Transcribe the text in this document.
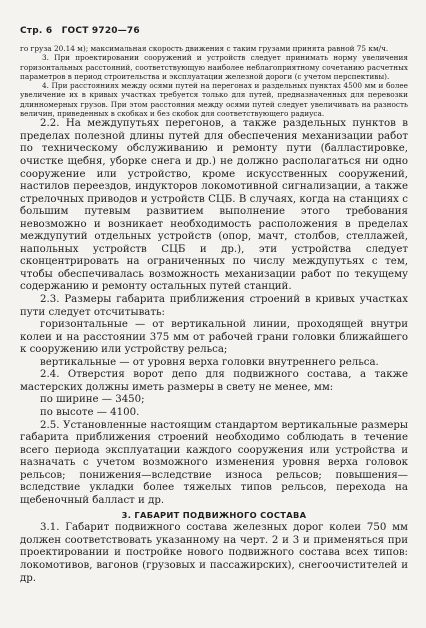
Стр. 6 ГОСТ 9720—76

го груза 20.14 м); максимальная скорость движения с таким грузами принята равной 75 км/ч.

3. При проектировании сооружений и устройств следует принимать норму увеличения горизонтальных расстояний, соответствующую наиболее неблагоприятному сочетанию расчетных параметров в период строительства и эксплуатации железной дороги (с учетом перспективы).

4. При расстояниях между осями путей на перегонах и раздельных пунктах 4500 мм и более увеличение их в кривых участках требуется только для путей, предназначенных для перевозки длинномерных грузов. При этом расстояния между осями путей следует увеличивать на разность величин, приведенных в скобках и без скобок для соответствующего радиуса.

2.2. На междупутьях перегонов, а также раздельных пунктов в пределах полезной длины путей для обеспечения механизации работ по техническому обслуживанию и ремонту пути (балластировке, очистке щебня, уборке снега и др.) не должно располагаться ни одно сооружение или устройство, кроме искусственных сооружений, настилов переездов, индукторов локомотивной сигнализации, а также стрелочных приводов и устройств СЦБ. В случаях, когда на станциях с большим путевым развитием выполнение этого требования невозможно и возникает необходимость расположения в пределах междупутий отдельных устройств (опор, мачт, столбов, стеллажей, напольных устройств СЦБ и др.), эти устройства следует сконцентрировать на ограниченных по числу междупутьях с тем, чтобы обеспечивалась возможность механизации работ по текущему содержанию и ремонту остальных путей станций.

2.3. Размеры габарита приближения строений в кривых участках пути следует отсчитывать:

горизонтальные — от вертикальной линии, проходящей внутри колеи и на расстоянии 375 мм от рабочей грани головки ближайшего к сооружению или устройству рельса;

вертикальные — от уровня верха головки внутреннего рельса.

2.4. Отверстия ворот депо для подвижного состава, а также мастерских должны иметь размеры в свету не менее, мм:

по ширине — 3450;

по высоте — 4100.

2.5. Установленные настоящим стандартом вертикальные размеры габарита приближения строений необходимо соблюдать в течение всего периода эксплуатации каждого сооружения или устройства и назначать с учетом возможного изменения уровня верха головок рельсов; понижения—вследствие износа рельсов; повышения—вследствие укладки более тяжелых типов рельсов, перехода на щебеночный балласт и др.

3. ГАБАРИТ ПОДВИЖНОГО СОСТАВА

3.1. Габарит подвижного состава железных дорог колеи 750 мм должен соответствовать указанному на черт. 2 и 3 и применяться при проектировании и постройке нового подвижного состава всех типов: локомотивов, вагонов (грузовых и пассажирских), снегоочистителей и др.
